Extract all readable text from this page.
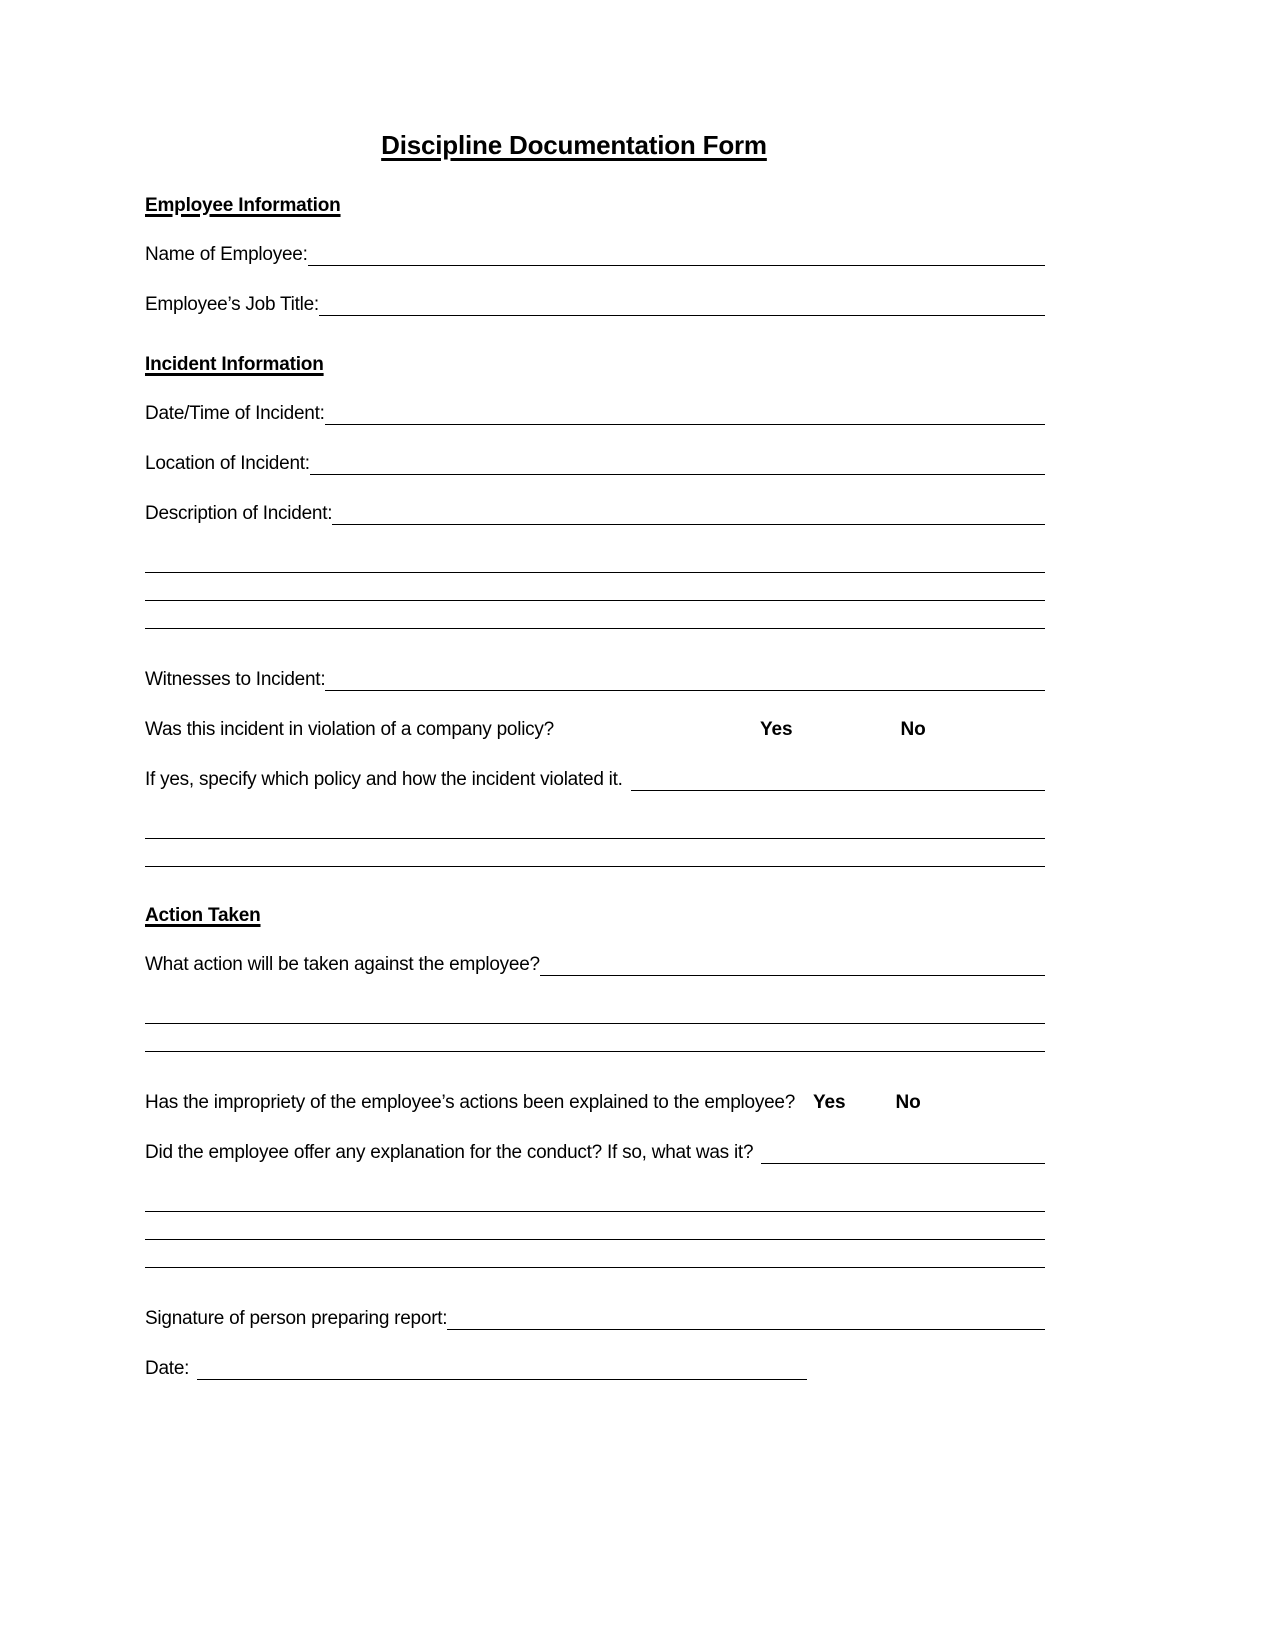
Discipline Documentation Form
Employee Information
Name of Employee:
Employee’s Job Title:
Incident Information
Date/Time of Incident:
Location of Incident:
Description of Incident:
Witnesses to Incident:
Was this incident in violation of a company policy?	Yes	No
If yes, specify which policy and how the incident violated it.
Action Taken
What action will be taken against the employee?
Has the impropriety of the employee’s actions been explained to the employee? Yes	No
Did the employee offer any explanation for the conduct? If so, what was it?
Signature of person preparing report:
Date:
